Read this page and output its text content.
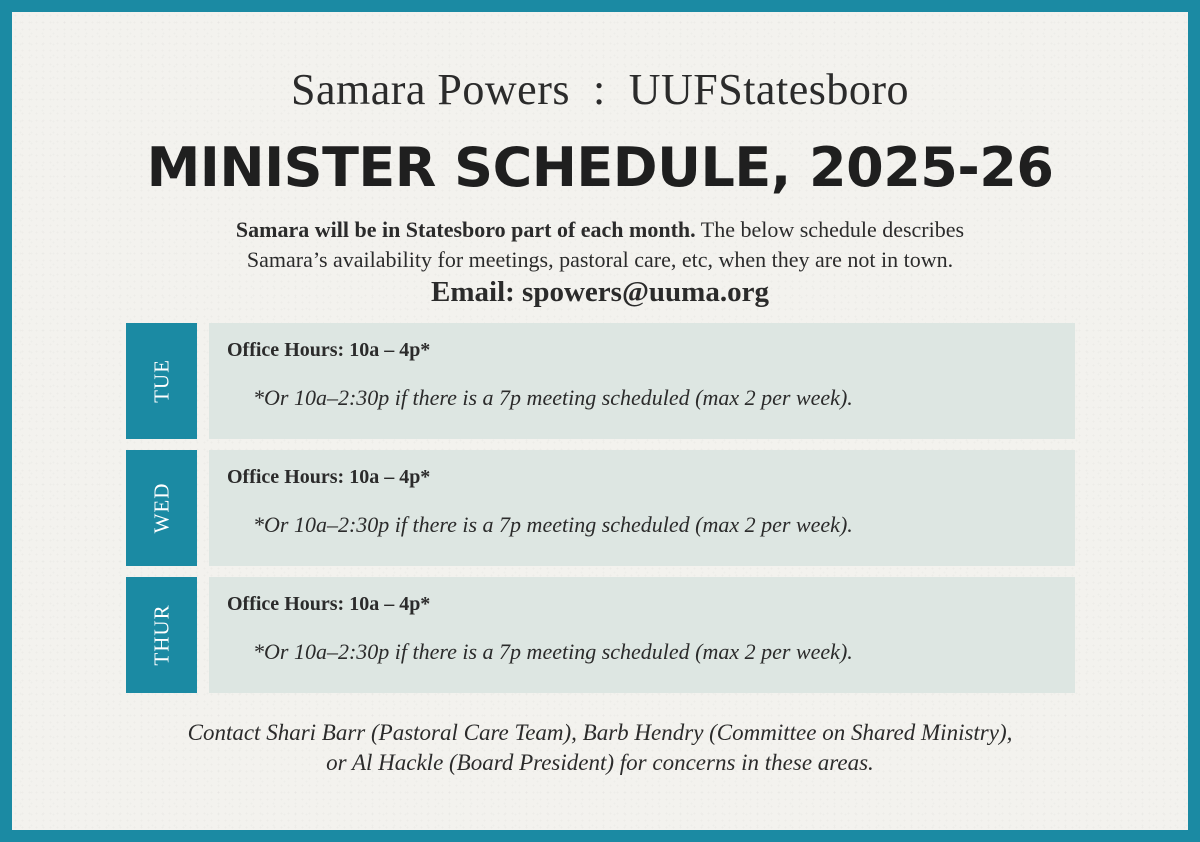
Samara Powers : UUFStatesboro
MINISTER SCHEDULE, 2025-26
Samara will be in Statesboro part of each month. The below schedule describes
Samara’s availability for meetings, pastoral care, etc, when they are not in town.
Email: spowers@uuma.org
TUE
Office Hours: 10a – 4p*
*Or 10a–2:30p if there is a 7p meeting scheduled (max 2 per week).
WED
Office Hours: 10a – 4p*
*Or 10a–2:30p if there is a 7p meeting scheduled (max 2 per week).
THUR
Office Hours: 10a – 4p*
*Or 10a–2:30p if there is a 7p meeting scheduled (max 2 per week).
Contact Shari Barr (Pastoral Care Team), Barb Hendry (Committee on Shared Ministry),
or Al Hackle (Board President) for concerns in these areas.
